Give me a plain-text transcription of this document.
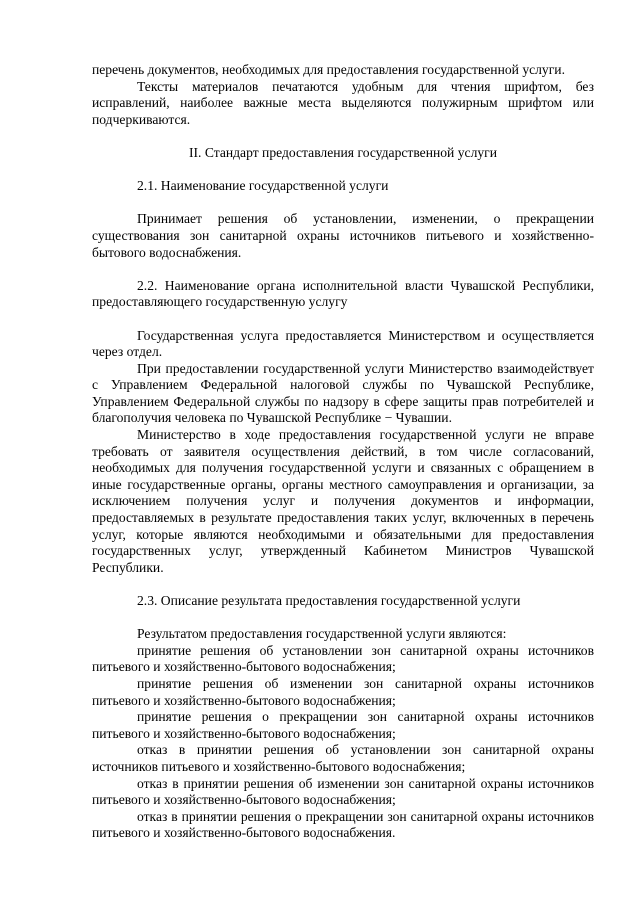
перечень документов, необходимых для предоставления государственной услуги.

Тексты материалов печатаются удобным для чтения шрифтом, без исправлений, наиболее важные места выделяются полужирным шрифтом или подчеркиваются.

II. Стандарт предоставления государственной услуги

2.1. Наименование государственной услуги

Принимает решения об установлении, изменении, о прекращении существования зон санитарной охраны источников питьевого и хозяйственно-бытового водоснабжения.

2.2. Наименование органа исполнительной власти Чувашской Республики, предоставляющего государственную услугу

Государственная услуга предоставляется Министерством и осуществляется через отдел.

При предоставлении государственной услуги Министерство взаимодействует с Управлением Федеральной налоговой службы по Чувашской Республике, Управлением Федеральной службы по надзору в сфере защиты прав потребителей и благополучия человека по Чувашской Республике − Чувашии.

Министерство в ходе предоставления государственной услуги не вправе требовать от заявителя осуществления действий, в том числе согласований, необходимых для получения государственной услуги и связанных с обращением в иные государственные органы, органы местного самоуправления и организации, за исключением получения услуг и получения документов и информации, предоставляемых в результате предоставления таких услуг, включенных в перечень услуг, которые являются необходимыми и обязательными для предоставления государственных услуг, утвержденный Кабинетом Министров Чувашской Республики.

2.3. Описание результата предоставления государственной услуги

Результатом предоставления государственной услуги являются:

принятие решения об установлении зон санитарной охраны источников питьевого и хозяйственно-бытового водоснабжения;

принятие решения об изменении зон санитарной охраны источников питьевого и хозяйственно-бытового водоснабжения;

принятие решения о прекращении зон санитарной охраны источников питьевого и хозяйственно-бытового водоснабжения;

отказ в принятии решения об установлении зон санитарной охраны источников питьевого и хозяйственно-бытового водоснабжения;

отказ в принятии решения об изменении зон санитарной охраны источников питьевого и хозяйственно-бытового водоснабжения;

отказ в принятии решения о прекращении зон санитарной охраны источников питьевого и хозяйственно-бытового водоснабжения.
